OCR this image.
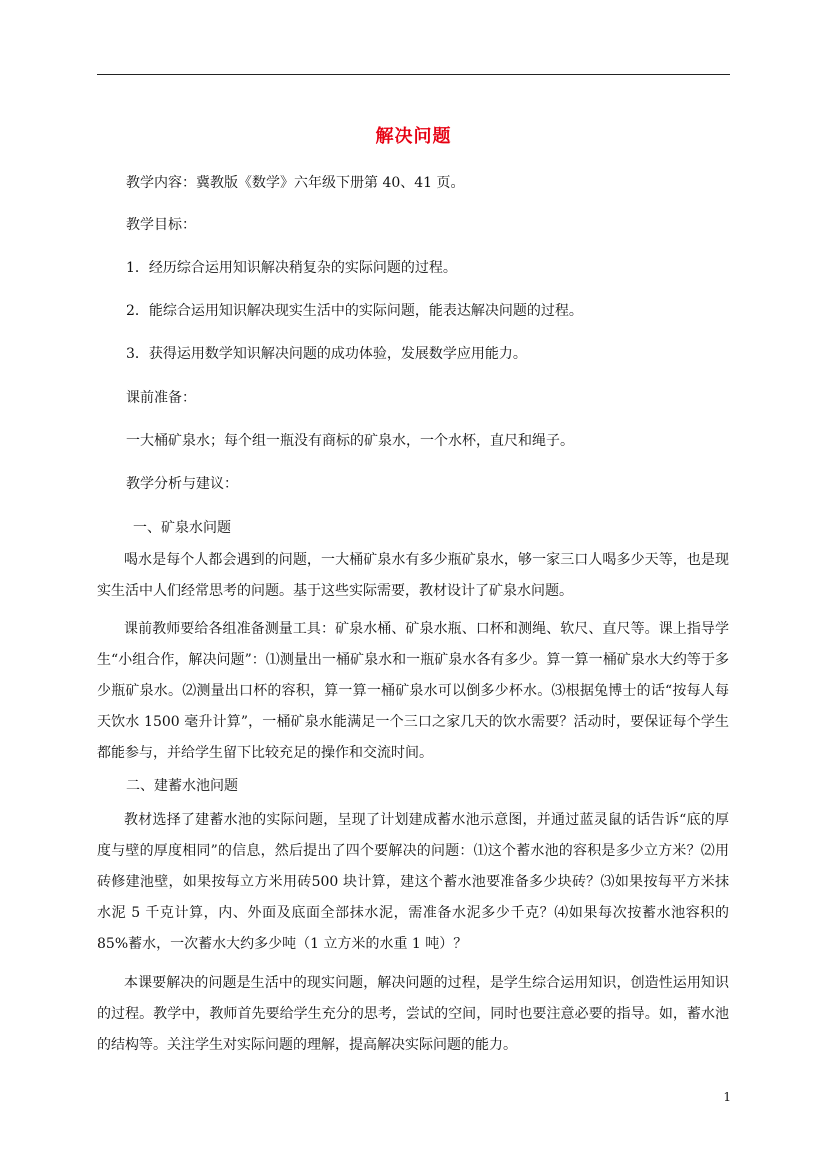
解决问题
教学内容：冀教版《数学》六年级下册第 40、41 页。
教学目标：
1．经历综合运用知识解决稍复杂的实际问题的过程。
2．能综合运用知识解决现实生活中的实际问题，能表达解决问题的过程。
3．获得运用数学知识解决问题的成功体验，发展数学应用能力。
课前准备：
一大桶矿泉水；每个组一瓶没有商标的矿泉水，一个水杯，直尺和绳子。
教学分析与建议：
一、矿泉水问题
喝水是每个人都会遇到的问题，一大桶矿泉水有多少瓶矿泉水，够一家三口人喝多少天等，也是现实生活中人们经常思考的问题。基于这些实际需要，教材设计了矿泉水问题。
课前教师要给各组准备测量工具：矿泉水桶、矿泉水瓶、口杯和测绳、软尺、直尺等。课上指导学生“小组合作，解决问题”：⑴测量出一桶矿泉水和一瓶矿泉水各有多少。算一算一桶矿泉水大约等于多少瓶矿泉水。⑵测量出口杯的容积，算一算一桶矿泉水可以倒多少杯水。⑶根据兔博士的话“按每人每天饮水 1500 毫升计算”，一桶矿泉水能满足一个三口之家几天的饮水需要？活动时，要保证每个学生都能参与，并给学生留下比较充足的操作和交流时间。
二、建蓄水池问题
教材选择了建蓄水池的实际问题，呈现了计划建成蓄水池示意图，并通过蓝灵鼠的话告诉“底的厚度与壁的厚度相同”的信息，然后提出了四个要解决的问题：⑴这个蓄水池的容积是多少立方米？⑵用砖修建池壁，如果按每立方米用砖500 块计算，建这个蓄水池要准备多少块砖？⑶如果按每平方米抹水泥 5 千克计算，内、外面及底面全部抹水泥，需准备水泥多少千克？⑷如果每次按蓄水池容积的 85%蓄水，一次蓄水大约多少吨（1 立方米的水重 1 吨）？
本课要解决的问题是生活中的现实问题，解决问题的过程，是学生综合运用知识，创造性运用知识的过程。教学中，教师首先要给学生充分的思考，尝试的空间，同时也要注意必要的指导。如，蓄水池的结构等。关注学生对实际问题的理解，提高解决实际问题的能力。
1
